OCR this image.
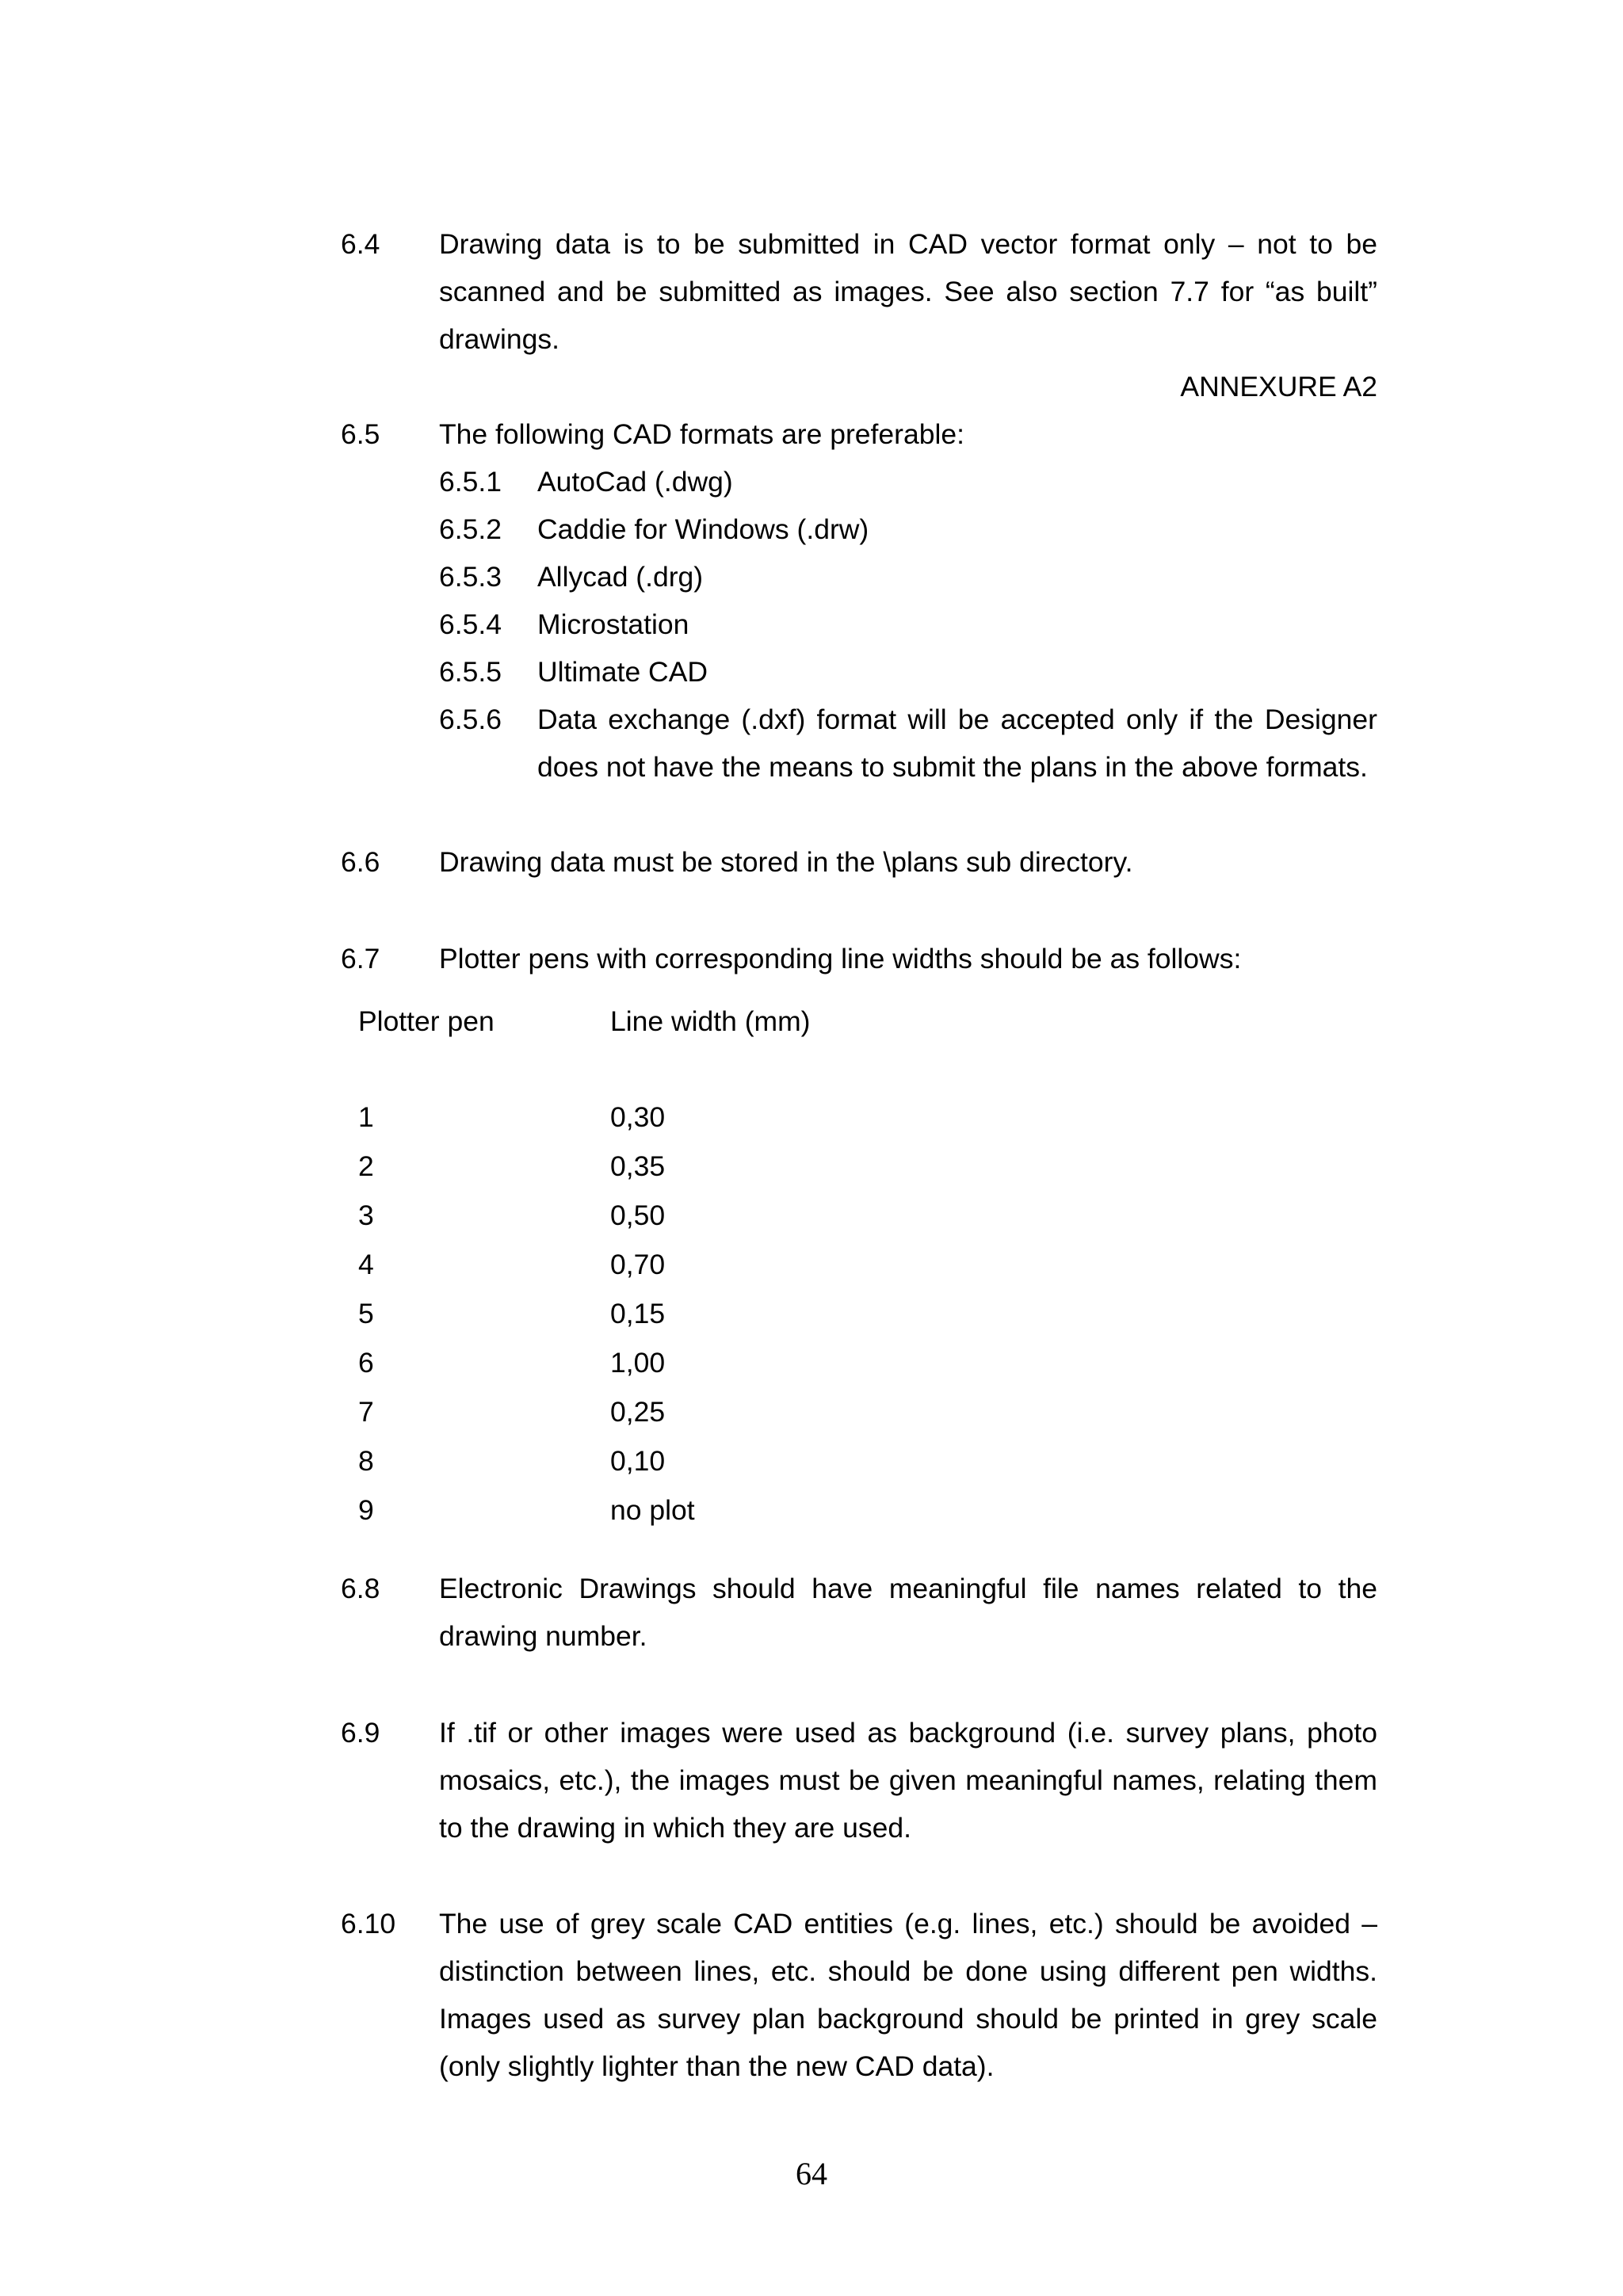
6.4 Drawing data is to be submitted in CAD vector format only – not to be scanned and be submitted as images. See also section 7.7 for “as built” drawings.
ANNEXURE A2
6.5 The following CAD formats are preferable:
6.5.1 AutoCad (.dwg)
6.5.2 Caddie for Windows (.drw)
6.5.3 Allycad (.drg)
6.5.4 Microstation
6.5.5 Ultimate CAD
6.5.6 Data exchange (.dxf) format will be accepted only if the Designer does not have the means to submit the plans in the above formats.
6.6 Drawing data must be stored in the \plans sub directory.
6.7 Plotter pens with corresponding line widths should be as follows:
Plotter pen	Line width (mm)
1	0,30
2	0,35
3	0,50
4	0,70
5	0,15
6	1,00
7	0,25
8	0,10
9	no plot
6.8 Electronic Drawings should have meaningful file names related to the drawing number.
6.9 If .tif or other images were used as background (i.e. survey plans, photo mosaics, etc.), the images must be given meaningful names, relating them to the drawing in which they are used.
6.10 The use of grey scale CAD entities (e.g. lines, etc.) should be avoided – distinction between lines, etc. should be done using different pen widths. Images used as survey plan background should be printed in grey scale (only slightly lighter than the new CAD data).
64
